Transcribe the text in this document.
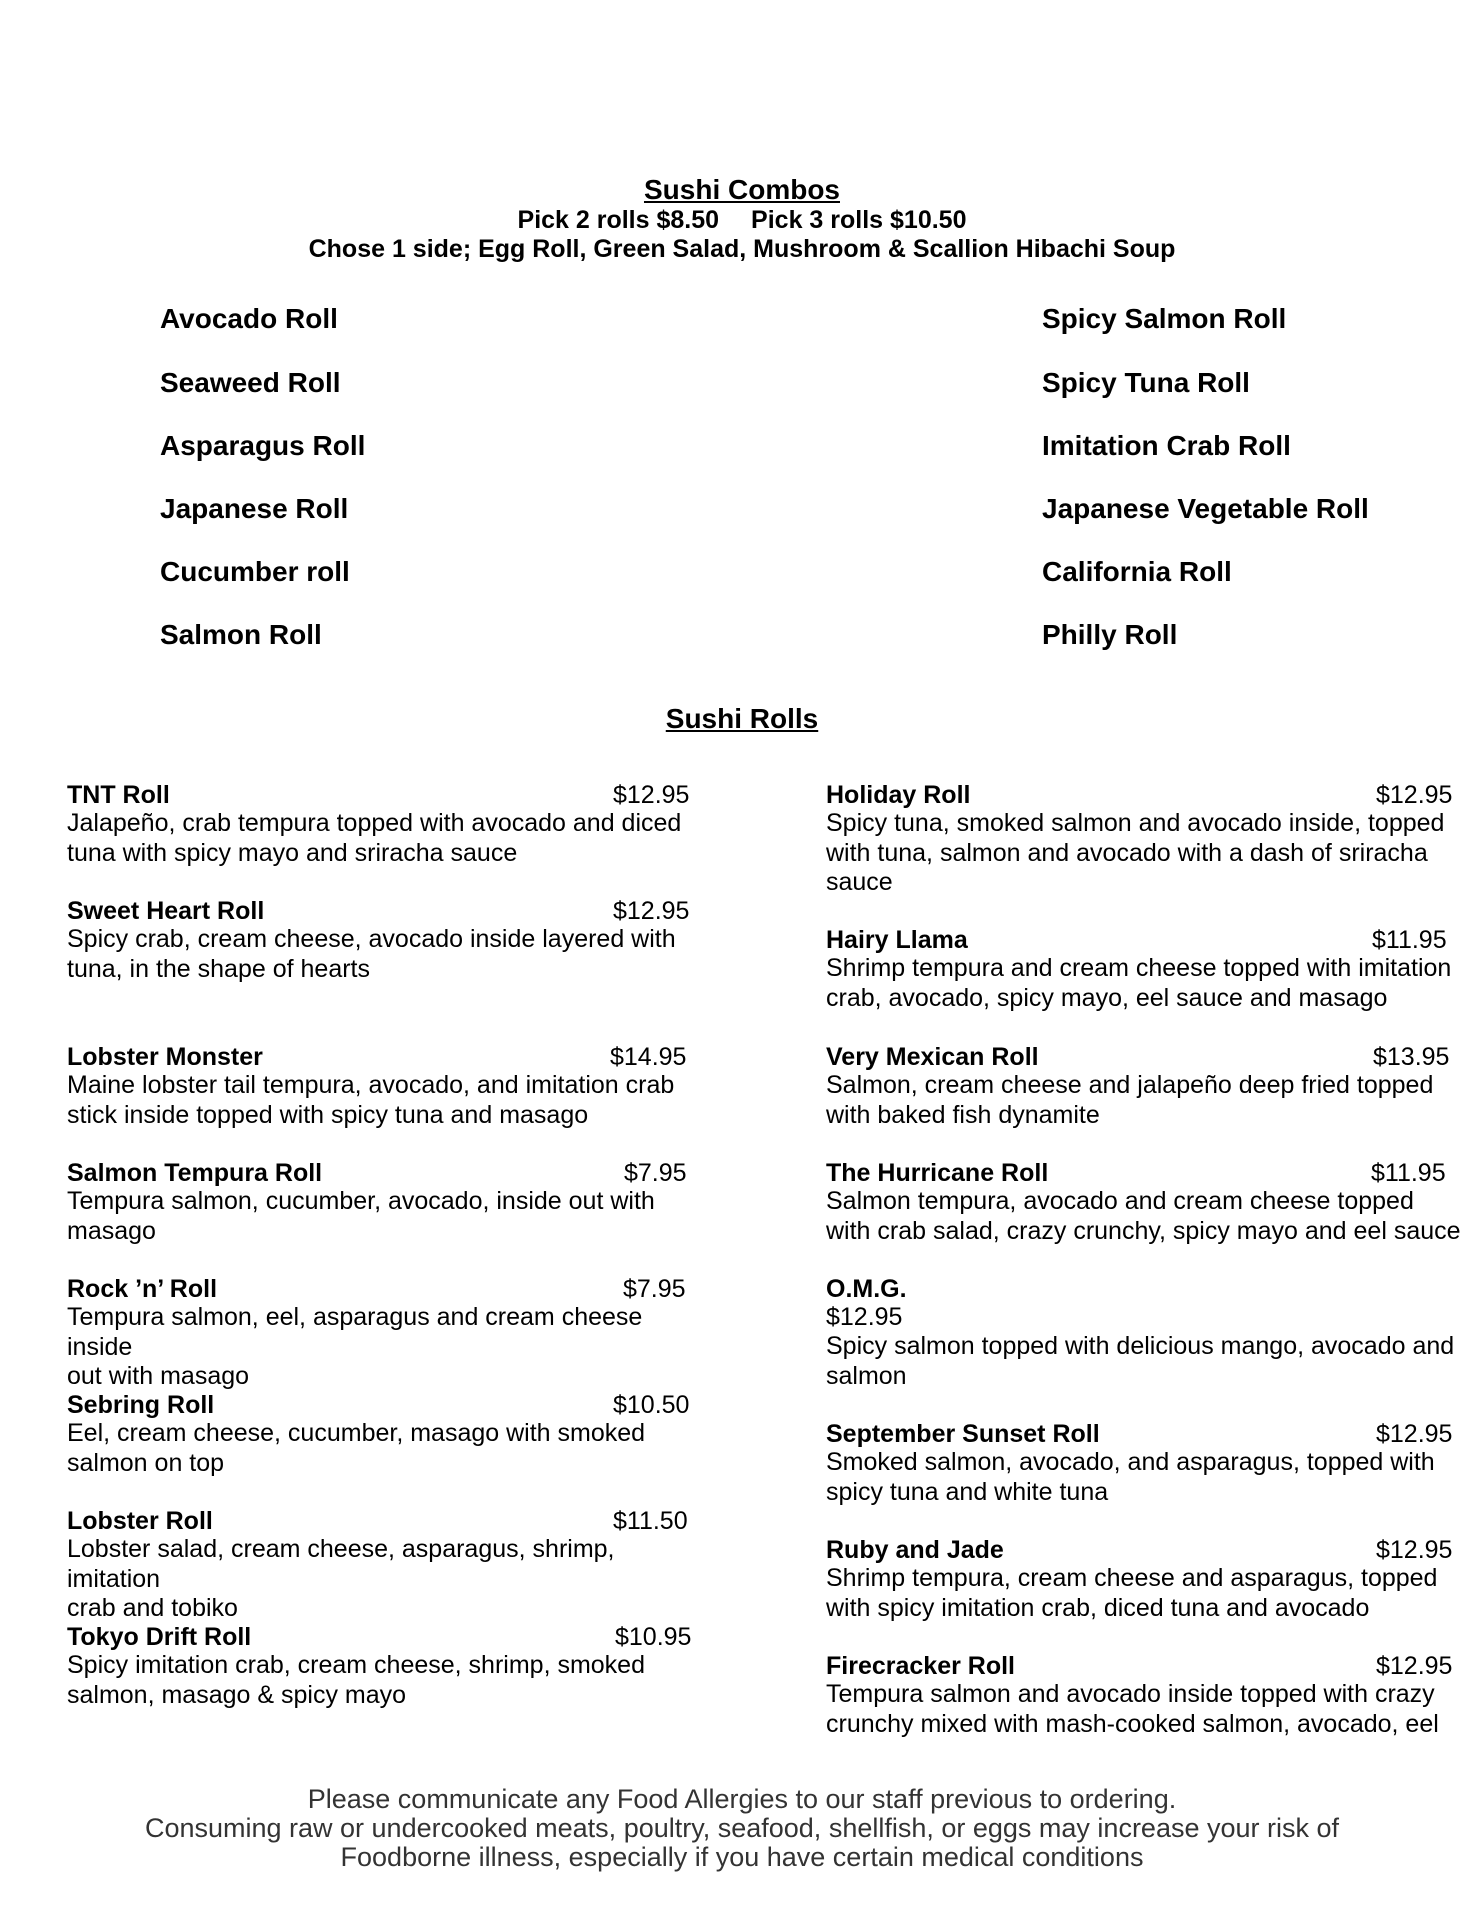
Sushi Combos
Pick 2 rolls $8.50 Pick 3 rolls $10.50
Chose 1 side; Egg Roll, Green Salad, Mushroom & Scallion Hibachi Soup
Avocado Roll
Seaweed Roll
Asparagus Roll
Japanese Roll
Cucumber roll
Salmon Roll
Spicy Salmon Roll
Spicy Tuna Roll
Imitation Crab Roll
Japanese Vegetable Roll
California Roll
Philly Roll
Sushi Rolls
TNT Roll	$12.95
Jalapeño, crab tempura topped with avocado and diced
tuna with spicy mayo and sriracha sauce
Sweet Heart Roll	$12.95
Spicy crab, cream cheese, avocado inside layered with
tuna, in the shape of hearts
Lobster Monster	$14.95
Maine lobster tail tempura, avocado, and imitation crab
stick inside topped with spicy tuna and masago
Salmon Tempura Roll	$7.95
Tempura salmon, cucumber, avocado, inside out with
masago
Rock ’n’ Roll	$7.95
Tempura salmon, eel, asparagus and cream cheese inside
out with masago
Sebring Roll	$10.50
Eel, cream cheese, cucumber, masago with smoked
salmon on top
Lobster Roll	$11.50
Lobster salad, cream cheese, asparagus, shrimp, imitation
crab and tobiko
Tokyo Drift Roll	$10.95
Spicy imitation crab, cream cheese, shrimp, smoked
salmon, masago & spicy mayo
Holiday Roll	$12.95
Spicy tuna, smoked salmon and avocado inside, topped
with tuna, salmon and avocado with a dash of sriracha
sauce
Hairy Llama	$11.95
Shrimp tempura and cream cheese topped with imitation
crab, avocado, spicy mayo, eel sauce and masago
Very Mexican Roll	$13.95
Salmon, cream cheese and jalapeño deep fried topped
with baked fish dynamite
The Hurricane Roll	$11.95
Salmon tempura, avocado and cream cheese topped
with crab salad, crazy crunchy, spicy mayo and eel sauce
O.M.G.
$12.95
Spicy salmon topped with delicious mango, avocado and
salmon
September Sunset Roll	$12.95
Smoked salmon, avocado, and asparagus, topped with
spicy tuna and white tuna
Ruby and Jade	$12.95
Shrimp tempura, cream cheese and asparagus, topped
with spicy imitation crab, diced tuna and avocado
Firecracker Roll	$12.95
Tempura salmon and avocado inside topped with crazy
crunchy mixed with mash-cooked salmon, avocado, eel
Please communicate any Food Allergies to our staff previous to ordering.
Consuming raw or undercooked meats, poultry, seafood, shellfish, or eggs may increase your risk of
Foodborne illness, especially if you have certain medical conditions
